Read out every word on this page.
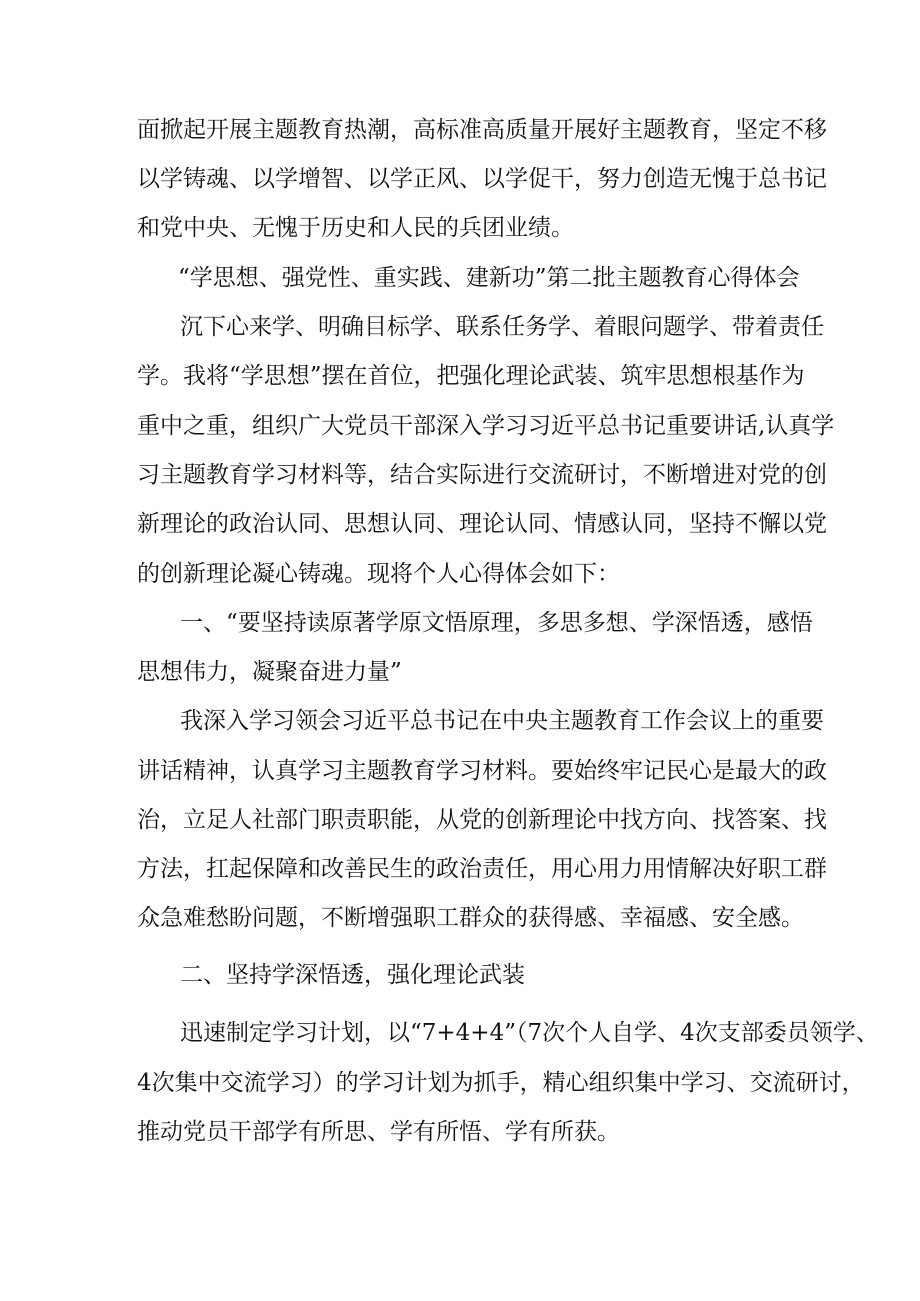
面掀起开展主题教育热潮，高标准高质量开展好主题教育，坚定不移

以学铸魂、以学增智、以学正风、以学促干，努力创造无愧于总书记

和党中央、无愧于历史和人民的兵团业绩。

“学思想、强党性、重实践、建新功”第二批主题教育心得体会

沉下心来学、明确目标学、联系任务学、着眼问题学、带着责任

学。我将“学思想”摆在首位，把强化理论武装、筑牢思想根基作为

重中之重，组织广大党员干部深入学习习近平总书记重要讲话,认真学

习主题教育学习材料等，结合实际进行交流研讨，不断增进对党的创

新理论的政治认同、思想认同、理论认同、情感认同，坚持不懈以党

的创新理论凝心铸魂。现将个人心得体会如下：

一、“要坚持读原著学原文悟原理，多思多想、学深悟透，感悟

思想伟力，凝聚奋进力量”

我深入学习领会习近平总书记在中央主题教育工作会议上的重要

讲话精神，认真学习主题教育学习材料。要始终牢记民心是最大的政

治，立足人社部门职责职能，从党的创新理论中找方向、找答案、找

方法，扛起保障和改善民生的政治责任，用心用力用情解决好职工群

众急难愁盼问题，不断增强职工群众的获得感、幸福感、安全感。

二、坚持学深悟透，强化理论武装

迅速制定学习计划，以“7+4+4”（7次个人自学、4次支部委员领学、

4次集中交流学习）的学习计划为抓手，精心组织集中学习、交流研讨，

推动党员干部学有所思、学有所悟、学有所获。
